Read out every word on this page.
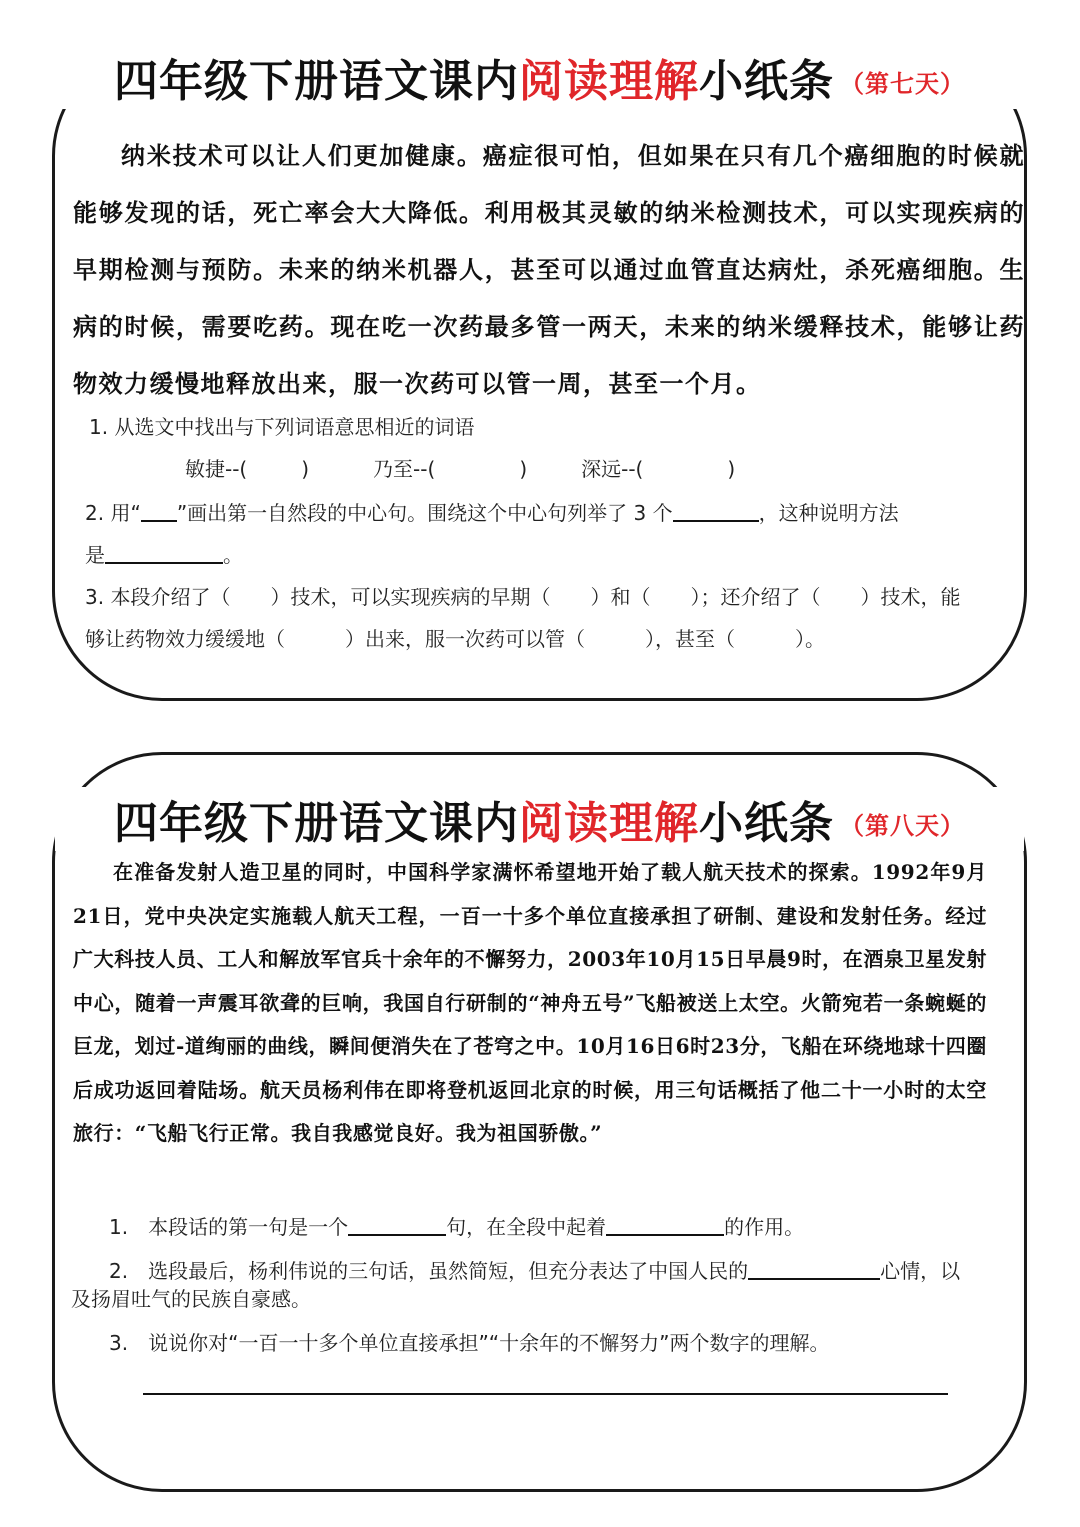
四年级下册语文课内阅读理解小纸条 （第七天）
纳米技术可以让人们更加健康。癌症很可怕，但如果在只有几个癌细胞的时候就能够发现的话，死亡率会大大降低。利用极其灵敏的纳米检测技术，可以实现疾病的早期检测与预防。未来的纳米机器人，甚至可以通过血管直达病灶，杀死癌细胞。生病的时候，需要吃药。现在吃一次药最多管一两天，未来的纳米缓释技术，能够让药物效力缓慢地释放出来，服一次药可以管一周，甚至一个月。
1. 从选文中找出与下列词语意思相近的词语
敏捷--(	)	乃至--(	)	深远--(	)
2. 用“ ”画出第一自然段的中心句。围绕这个中心句列举了 3 个	，这种说明方法
是	。
3. 本段介绍了（　　）技术，可以实现疾病的早期（　　）和（　　）；还介绍了（　　）技术，能
够让药物效力缓缓地（　　　）出来，服一次药可以管（　　　），甚至（　　　）。
四年级下册语文课内阅读理解小纸条 （第八天）
在准备发射人造卫星的同时，中国科学家满怀希望地开始了载人航天技术的探索。1992年9月21日，党中央决定实施载人航天工程，一百一十多个单位直接承担了研制、建设和发射任务。经过广大科技人员、工人和解放军官兵十余年的不懈努力，2003年10月15日早晨9时，在酒泉卫星发射中心，随着一声震耳欲聋的巨响，我国自行研制的“神舟五号”飞船被送上太空。火箭宛若一条蜿蜒的巨龙，划过-道绚丽的曲线，瞬间便消失在了苍穹之中。10月16日6时23分，飞船在环绕地球十四圈后成功返回着陆场。航天员杨利伟在即将登机返回北京的时候，用三句话概括了他二十一小时的太空旅行：“飞船飞行正常。我自我感觉良好。我为祖国骄傲。”
1.　本段话的第一句是一个	句，在全段中起着	的作用。
2.　选段最后，杨利伟说的三句话，虽然简短，但充分表达了中国人民的	心情，以
及扬眉吐气的民族自豪感。
3.　说说你对“一百一十多个单位直接承担”“十余年的不懈努力”两个数字的理解。
